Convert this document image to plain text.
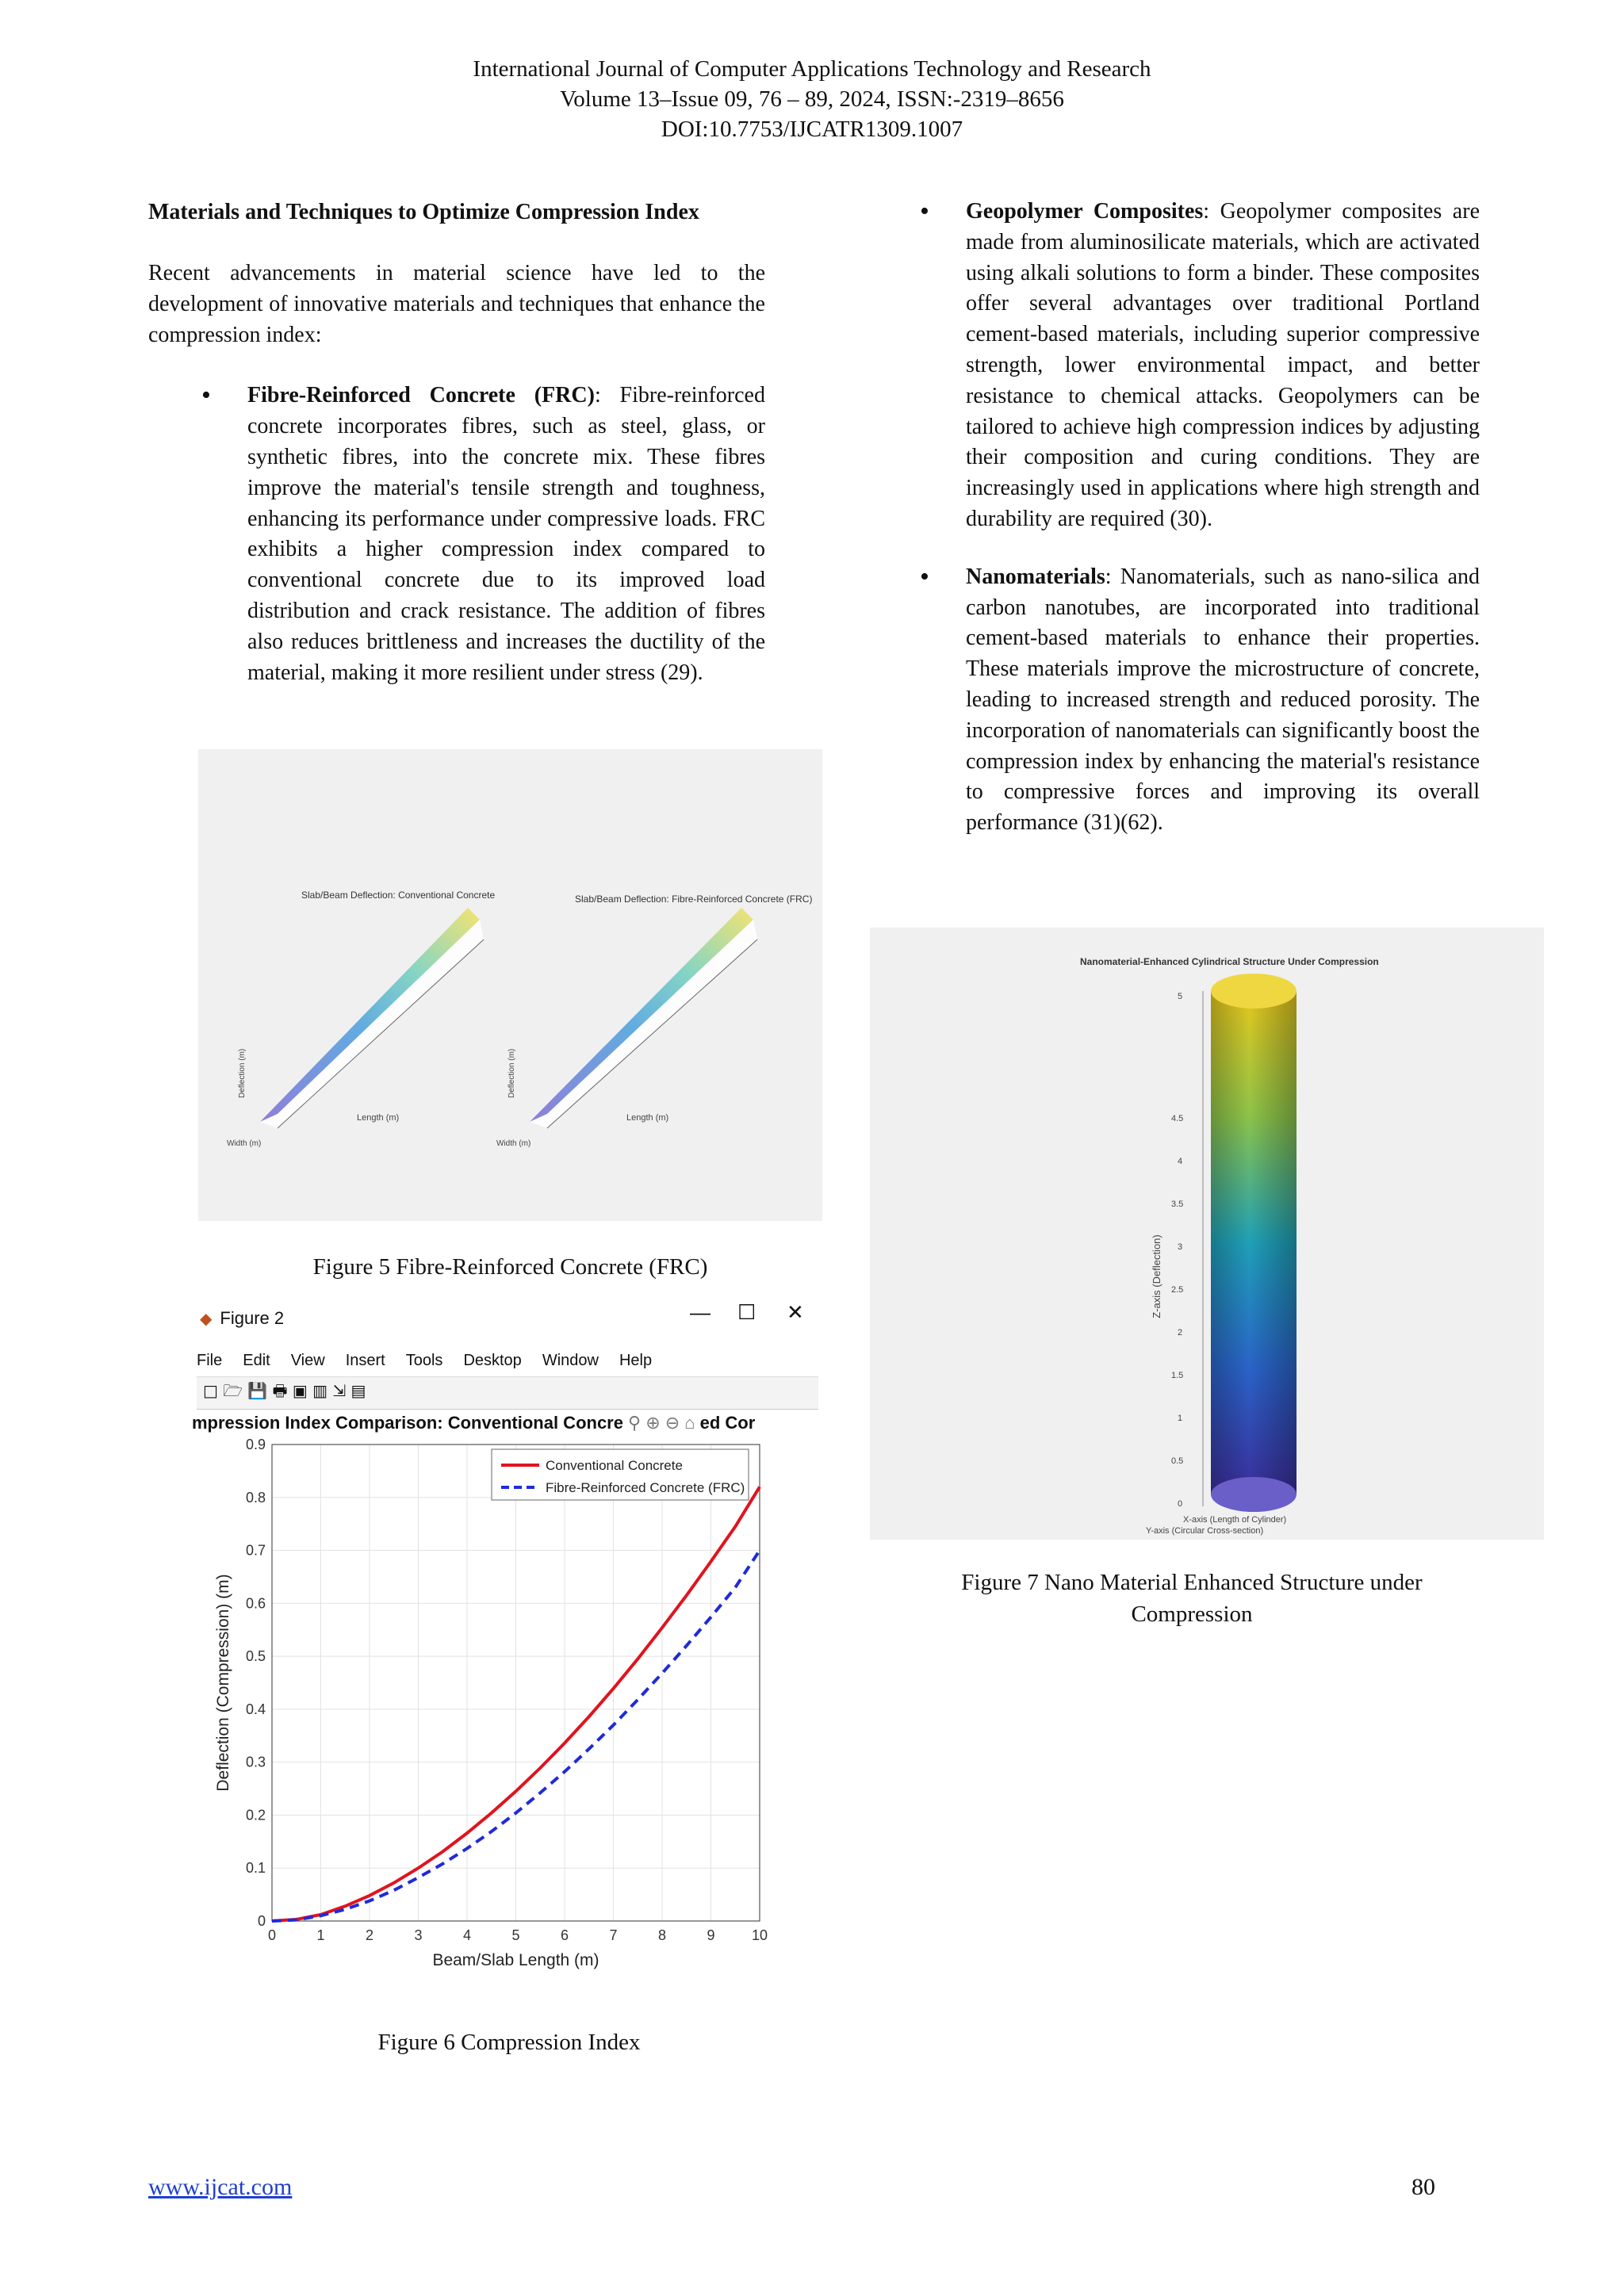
International Journal of Computer Applications Technology and Research
Volume 13–Issue 09, 76 – 89, 2024, ISSN:-2319–8656
DOI:10.7753/IJCATR1309.1007
Materials and Techniques to Optimize Compression Index

Recent advancements in material science have led to the development of innovative materials and techniques that enhance the compression index:

• Fibre-Reinforced Concrete (FRC): Fibre-reinforced concrete incorporates fibres, such as steel, glass, or synthetic fibres, into the concrete mix. These fibres improve the material's tensile strength and toughness, enhancing its performance under compressive loads. FRC exhibits a higher compression index compared to conventional concrete due to its improved load distribution and crack resistance. The addition of fibres also reduces brittleness and increases the ductility of the material, making it more resilient under stress (29).
• Geopolymer Composites: Geopolymer composites are made from aluminosilicate materials, which are activated using alkali solutions to form a binder. These composites offer several advantages over traditional Portland cement-based materials, including superior compressive strength, lower environmental impact, and better resistance to chemical attacks. Geopolymers can be tailored to achieve high compression indices by adjusting their composition and curing conditions. They are increasingly used in applications where high strength and durability are required (30).
• Nanomaterials: Nanomaterials, such as nano-silica and carbon nanotubes, are incorporated into traditional cement-based materials to enhance their properties. These materials improve the microstructure of concrete, leading to increased strength and reduced porosity. The incorporation of nanomaterials can significantly boost the compression index by enhancing the material's resistance to compressive forces and improving its overall performance (31)(62).
Slab/Beam Deflection: Conventional Concrete
Deflection (m)
Length (m)
Width (m)
Slab/Beam Deflection: Fibre-Reinforced Concrete (FRC)
Deflection (m)
Length (m)
Width (m)
Figure 5 Fibre-Reinforced Concrete (FRC)
◆ Figure 2	— ☐ ✕
File Edit View Insert Tools Desktop Window Help
□ 🗁 💾 🖶 ▣ ▥ ⇲ ▤
mpression Index Comparison: Conventional Concre ⚲ ⊕ ⊖ ⌂ ed Cor
0	1	2	3	4	5	6	7	8	9	10
0
0.1
0.2
0.3
0.4
0.5
0.6
0.7
0.8
0.9
Beam/Slab Length (m)
Deflection (Compression) (m)
Conventional Concrete
Fibre-Reinforced Concrete (FRC)
Figure 6 Compression Index
Nanomaterial-Enhanced Cylindrical Structure Under Compression
0
0.5
1
1.5
2
2.5
3
3.5
4
4.5
5
Z-axis (Deflection)
X-axis (Length of Cylinder)
Y-axis (Circular Cross-section)
Figure 7 Nano Material Enhanced Structure under
Compression
www.ijcat.com	80
